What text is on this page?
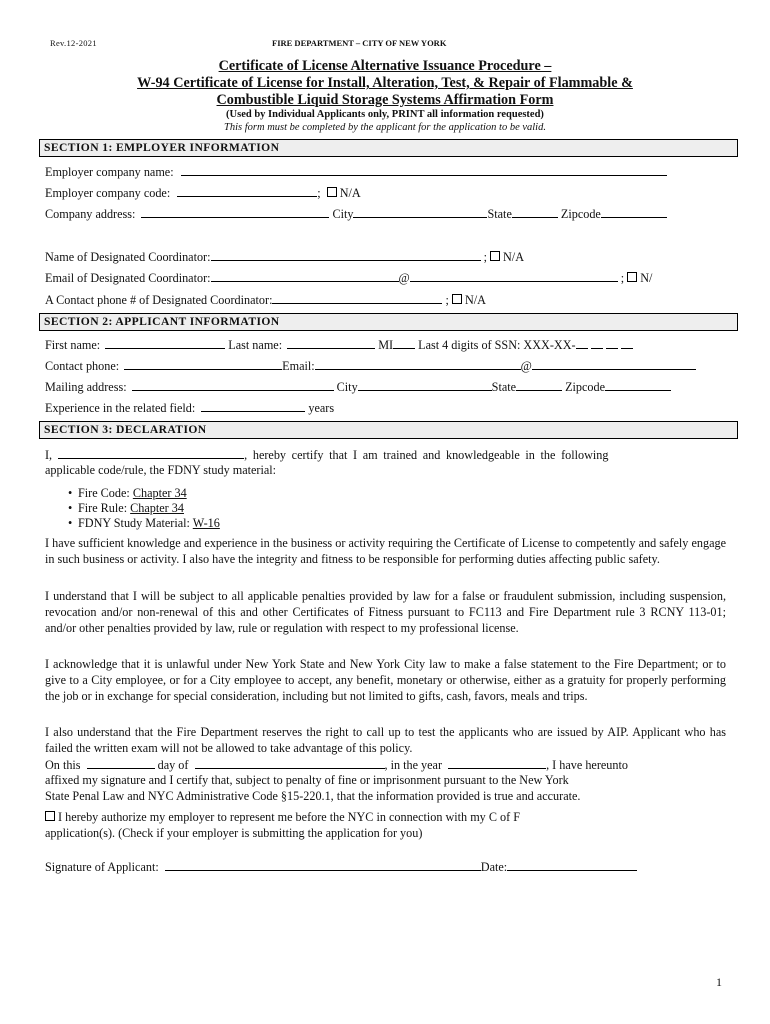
Rev.12-2021	FIRE DEPARTMENT – CITY OF NEW YORK
Certificate of License Alternative Issuance Procedure –
W-94 Certificate of License for Install, Alteration, Test, & Repair of Flammable &
Combustible Liquid Storage Systems Affirmation Form
(Used by Individual Applicants only, PRINT all information requested)
This form must be completed by the applicant for the application to be valid.
SECTION 1: EMPLOYER INFORMATION
Employer company name:
Employer company code:	; N/A
Company address:	City	State	Zipcode
Name of Designated Coordinator:	; N/A
Email of Designated Coordinator:	@	; N/
A Contact phone # of Designated Coordinator:	; N/A
SECTION 2: APPLICANT INFORMATION
First name:	Last name:	MI Last 4 digits of SSN: XXX-XX-
Contact phone:	Email:	@
Mailing address:	City	State	Zipcode
Experience in the related field:	years
SECTION 3: DECLARATION
I,	, hereby certify that I am trained and knowledgeable in the following
applicable code/rule, the FDNY study material:
• Fire Code: Chapter 34
• Fire Rule: Chapter 34
• FDNY Study Material: W-16
I have sufficient knowledge and experience in the business or activity requiring the Certificate of License to competently and safely engage in such business or activity. I also have the integrity and fitness to be responsible for performing duties affecting public safety.
I understand that I will be subject to all applicable penalties provided by law for a false or fraudulent submission, including suspension, revocation and/or non-renewal of this and other Certificates of Fitness pursuant to FC113 and Fire Department rule 3 RCNY 113-01; and/or other penalties provided by law, rule or regulation with respect to my professional license.
I acknowledge that it is unlawful under New York State and New York City law to make a false statement to the Fire Department; or to give to a City employee, or for a City employee to accept, any benefit, monetary or otherwise, either as a gratuity for properly performing the job or in exchange for special consideration, including but not limited to gifts, cash, favors, meals and trips.
I also understand that the Fire Department reserves the right to call up to test the applicants who are issued by AIP. Applicant who has failed the written exam will not be allowed to take advantage of this policy.
On this	day of	, in the year	, I have hereunto
affixed my signature and I certify that, subject to penalty of fine or imprisonment pursuant to the New York
State Penal Law and NYC Administrative Code §15-220.1, that the information provided is true and accurate.
I hereby authorize my employer to represent me before the NYC in connection with my C of F
application(s). (Check if your employer is submitting the application for you)
Signature of Applicant:	Date:
1
